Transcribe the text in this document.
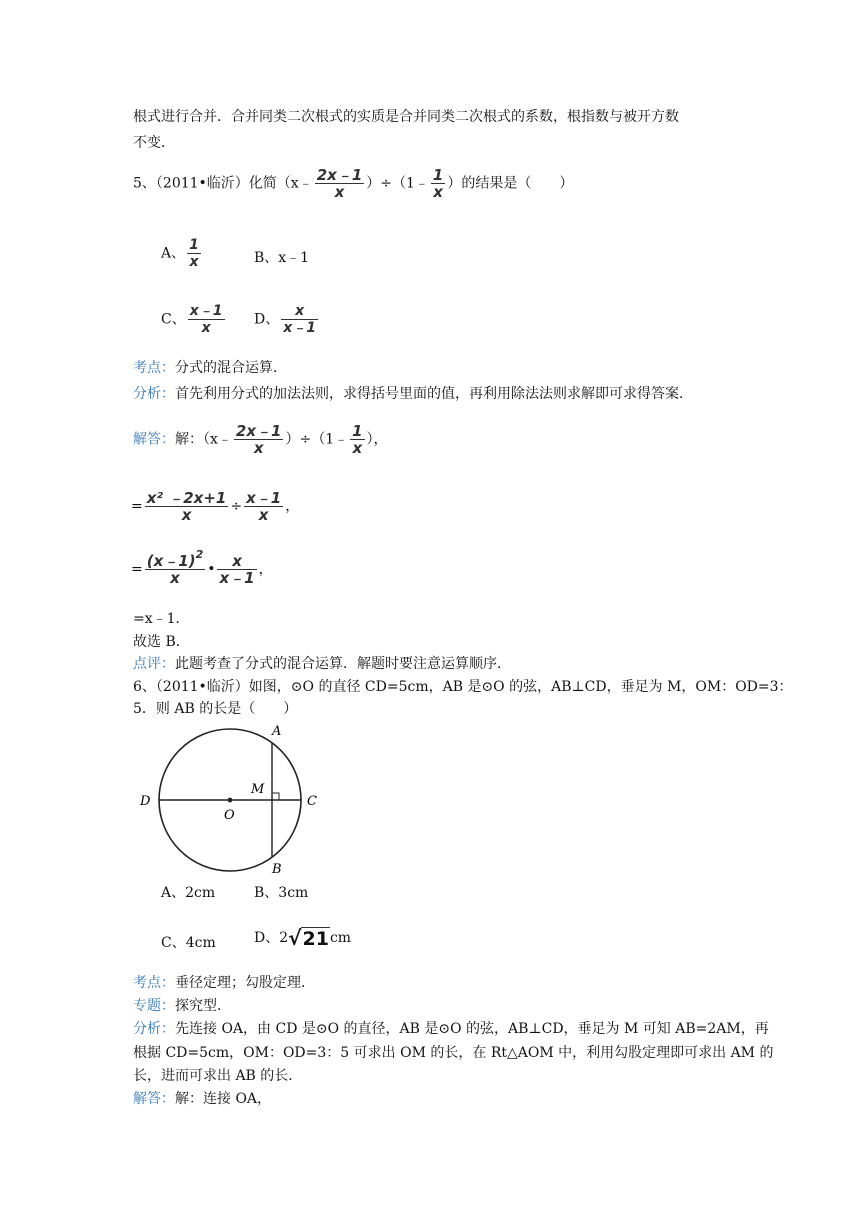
根式进行合并．合并同类二次根式的实质是合并同类二次根式的系数，根指数与被开方数
不变．
5、（2011•临沂）化简（x﹣ $\frac{2x﹣1}{x}$ ）÷（1﹣ $\frac{1}{x}$ ）的结果是（　　）
A、 $\frac{1}{x}$	B、x﹣1
C、 $\frac{x﹣1}{x}$ D、 $\frac{x}{x﹣1}$
考点：分式的混合运算．
分析：首先利用分式的加法法则，求得括号里面的值，再利用除法法则求解即可求得答案．
解答：解：（x﹣ $\frac{2x﹣1}{x}$ ）÷（1﹣ $\frac{1}{x}$ ），
= $\frac{\text{x² ﹣2x+1}}{x} \div \frac{x﹣1}{x}$ ，
= $\frac{(x﹣1)^2}{x}$ • $\frac{x}{x﹣1}$ ，
=x﹣1．
故选 B．
点评：此题考查了分式的混合运算．解题时要注意运算顺序．
6、（2011•临沂）如图，⊙O 的直径 CD=5cm，AB 是⊙O 的弦，AB⊥CD，垂足为 M，OM：OD=3：
5．则 AB 的长是（　　）
A
B
C
D
M
O
A、2cm	B、3cm
C、4cm	D、2√21cm
考点：垂径定理；勾股定理．
专题：探究型．
分析：先连接 OA，由 CD 是⊙O 的直径，AB 是⊙O 的弦，AB⊥CD，垂足为 M 可知 AB=2AM，再
根据 CD=5cm，OM：OD=3：5 可求出 OM 的长，在 Rt△AOM 中，利用勾股定理即可求出 AM 的
长，进而可求出 AB 的长．
解答：解：连接 OA，
